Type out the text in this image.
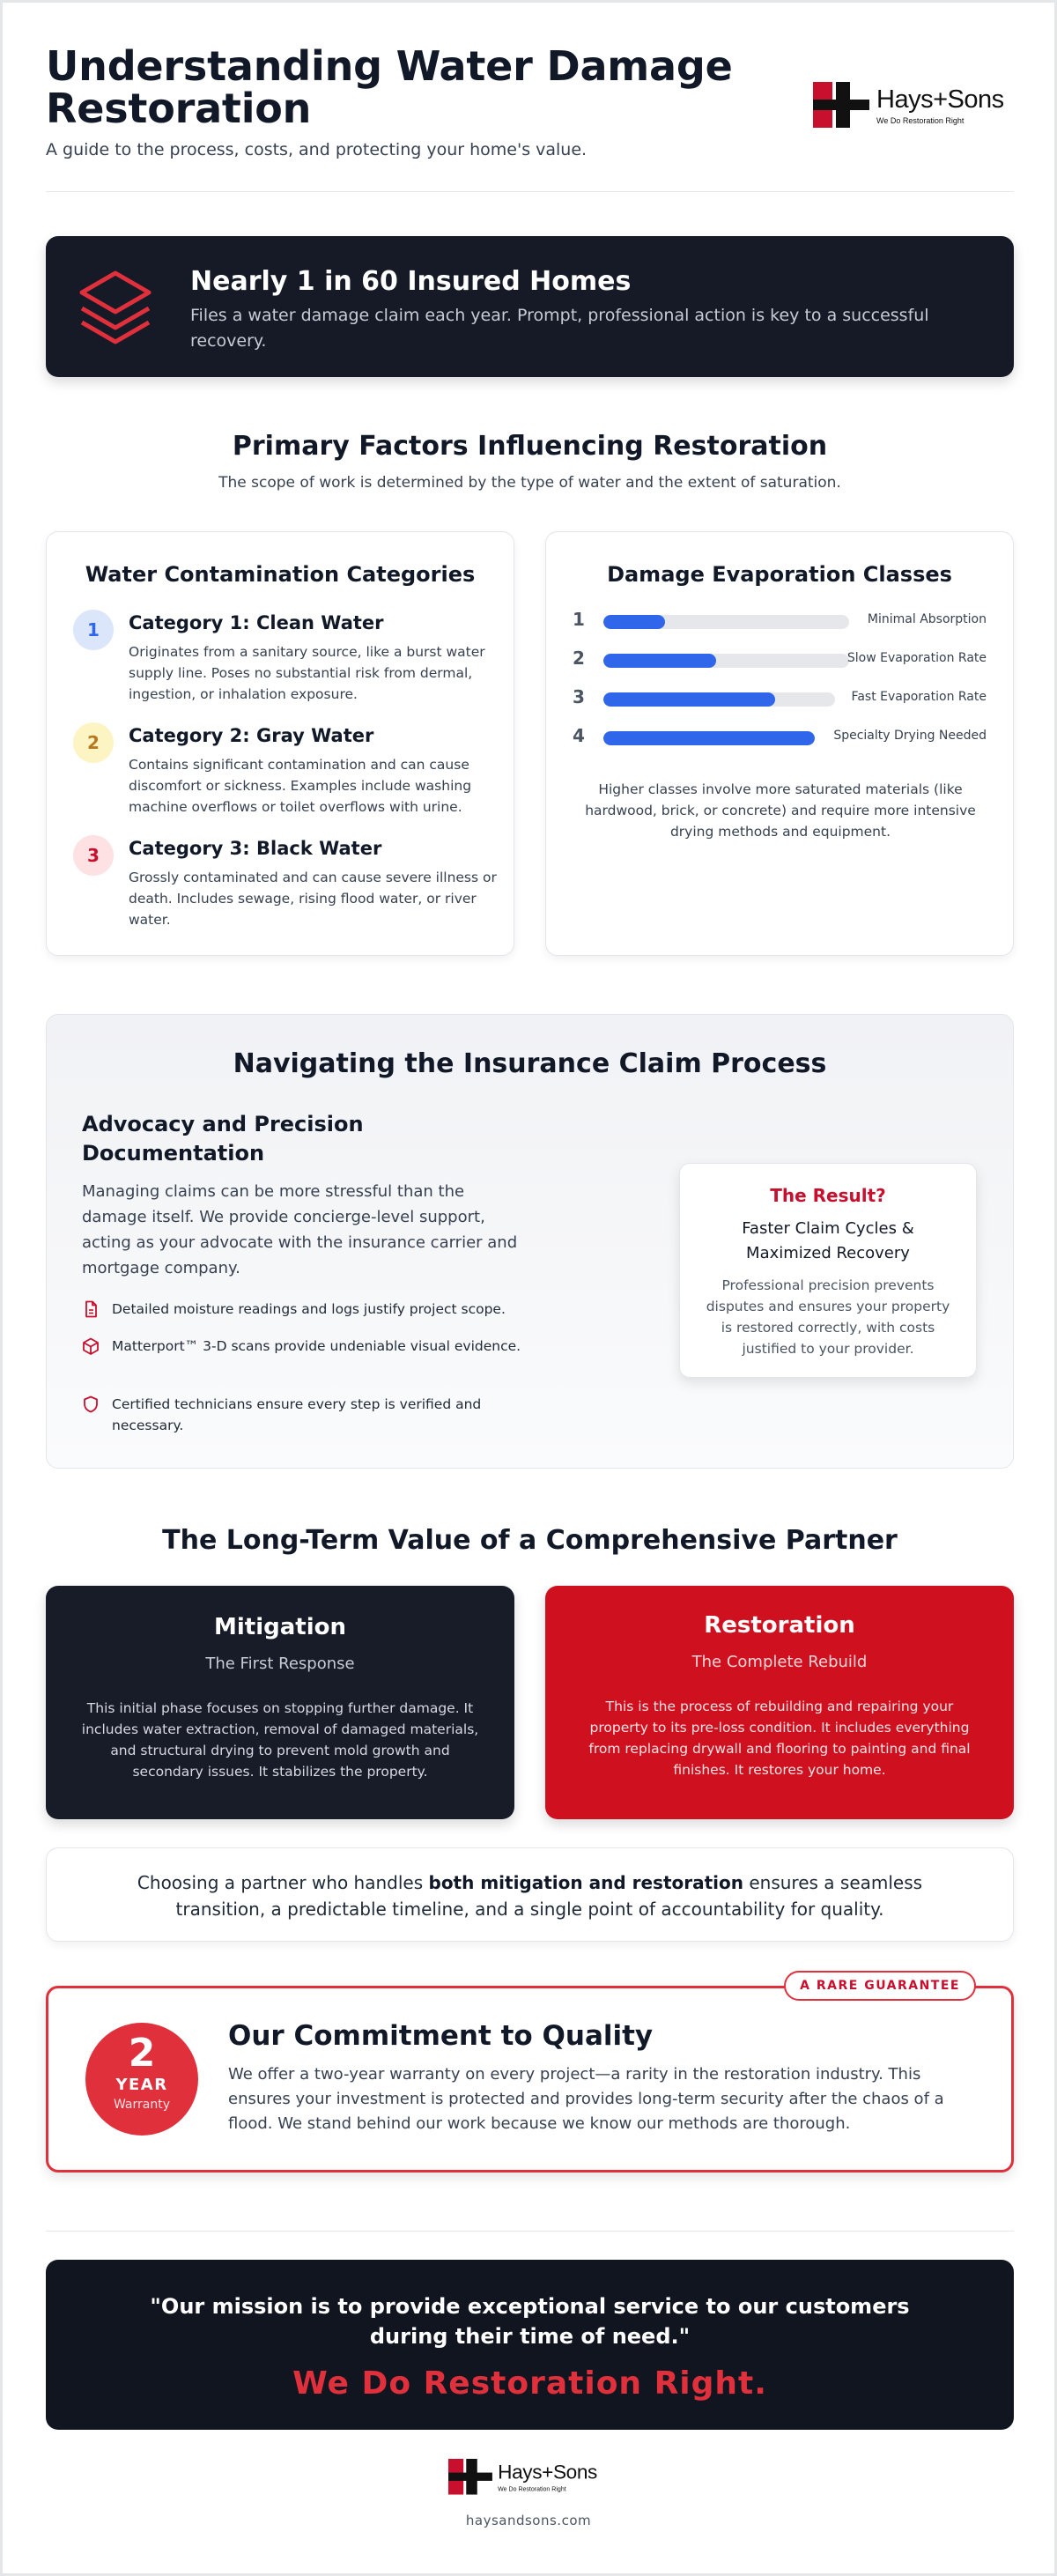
Understanding Water Damage Restoration
A guide to the process, costs, and protecting your home's value.
Hays+Sons
We Do Restoration Right
Nearly 1 in 60 Insured Homes

Files a water damage claim each year. Prompt, professional action is key to a successful recovery.

Primary Factors Influencing Restoration
The scope of work is determined by the type of water and the extent of saturation.
Water Contamination Categories
1	Category 1: Clean Water

Originates from a sanitary source, like a burst water supply line. Poses no substantial risk from dermal, ingestion, or inhalation exposure.

2	Category 2: Gray Water

Contains significant contamination and can cause discomfort or sickness. Examples include washing machine overflows or toilet overflows with urine.

3	Category 3: Black Water

Grossly contaminated and can cause severe illness or death. Includes sewage, rising flood water, or river water.

Damage Evaporation Classes
1	Minimal Absorption
2	Slow Evaporation Rate
3	Fast Evaporation Rate
4	Specialty Drying Needed
Higher classes involve more saturated materials (like hardwood, brick, or concrete) and require more intensive drying methods and equipment.
Navigating the Insurance Claim Process
Advocacy and Precision Documentation
Managing claims can be more stressful than the damage itself. We provide concierge-level support, acting as your advocate with the insurance carrier and mortgage company.
Detailed moisture readings and logs justify project scope.
Matterport™ 3-D scans provide undeniable visual evidence.
Certified technicians ensure every step is verified and necessary.
The Result?
Faster Claim Cycles & Maximized Recovery
Professional precision prevents disputes and ensures your property is restored correctly, with costs justified to your provider.
The Long-Term Value of a Comprehensive Partner
Mitigation
The First Response

This initial phase focuses on stopping further damage. It includes water extraction, removal of damaged materials, and structural drying to prevent mold growth and secondary issues. It stabilizes the property.

Restoration
The Complete Rebuild

This is the process of rebuilding and repairing your property to its pre-loss condition. It includes everything from replacing drywall and flooring to painting and final finishes. It restores your home.

Choosing a partner who handles both mitigation and restoration ensures a seamless transition, a predictable timeline, and a single point of accountability for quality.
A RARE GUARANTEE
2
YEAR
Warranty
Our Commitment to Quality

We offer a two-year warranty on every project—a rarity in the restoration industry. This ensures your investment is protected and provides long-term security after the chaos of a flood. We stand behind our work because we know our methods are thorough.

"Our mission is to provide exceptional service to our customers during their time of need."
We Do Restoration Right.
Hays+Sons
We Do Restoration Right
haysandsons.com
